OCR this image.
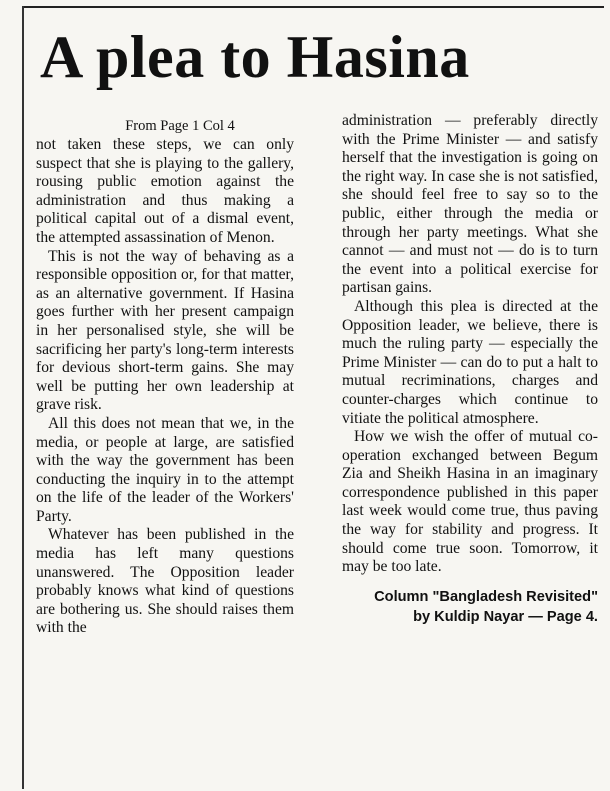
A plea to Hasina
From Page 1 Col 4

not taken these steps, we can only suspect that she is playing to the gallery, rousing public emotion against the administration and thus making a political capital out of a dismal event, the attempted assassination of Menon.

This is not the way of behaving as a responsible opposition or, for that matter, as an alternative government. If Hasina goes further with her present campaign in her personalised style, she will be sacrificing her party's long-term interests for devious short-term gains. She may well be putting her own leadership at grave risk.

All this does not mean that we, in the media, or people at large, are satisfied with the way the government has been conducting the inquiry in to the attempt on the life of the leader of the Workers' Party.

Whatever has been published in the media has left many questions unanswered. The Opposition leader probably knows what kind of questions are bothering us. She should raises them with the

administration — preferably directly with the Prime Minister — and satisfy herself that the investigation is going on the right way. In case she is not satisfied, she should feel free to say so to the public, either through the media or through her party meetings. What she cannot — and must not — do is to turn the event into a political exercise for partisan gains.

Although this plea is directed at the Opposition leader, we believe, there is much the ruling party — especially the Prime Minister — can do to put a halt to mutual recriminations, charges and counter-charges which continue to vitiate the political atmosphere.

How we wish the offer of mutual co-operation exchanged between Begum Zia and Sheikh Hasina in an imaginary correspondence published in this paper last week would come true, thus paving the way for stability and progress. It should come true soon. Tomorrow, it may be too late.

Column "Bangladesh Revisited"
by Kuldip Nayar — Page 4.
